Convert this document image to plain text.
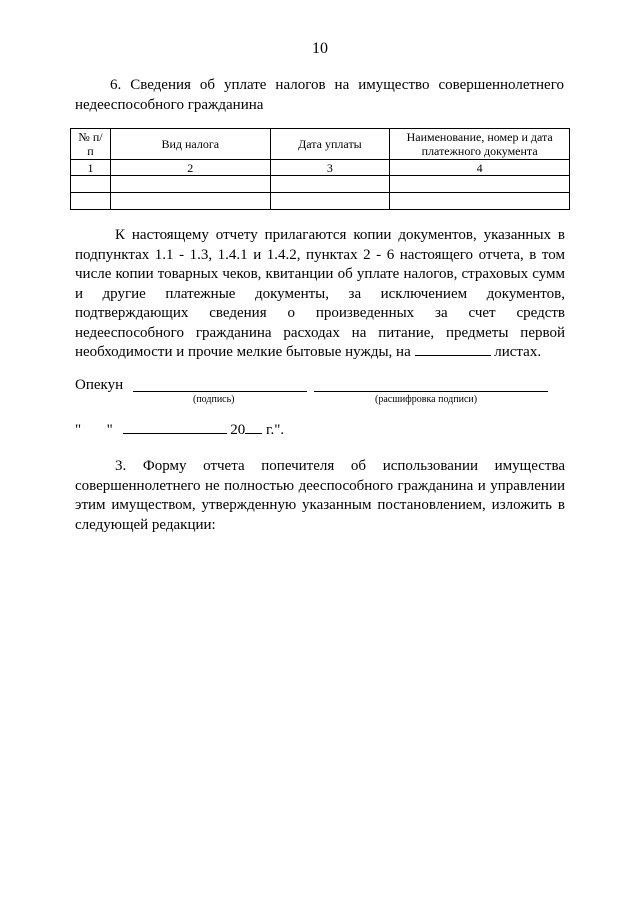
10
6. Сведения об уплате налогов на имущество совершеннолетнего
недееспособного гражданина
№ п/п	Вид налога	Дата уплаты	Наименование, номер и дата платежного документа
1	2	3	4

К настоящему отчету прилагаются копии документов, указанных в подпунктах 1.1 - 1.3, 1.4.1 и 1.4.2, пунктах 2 - 6 настоящего отчета, в том числе копии товарных чеков, квитанции об уплате налогов, страховых сумм и другие платежные документы, за исключением документов, подтверждающих сведения о произведенных за счет средств недееспособного гражданина расходах на питание, предметы первой необходимости и прочие мелкие бытовые нужды, на	листах.

Опекун
(подпись)	(расшифровка подписи)
" "	20 г.".

3. Форму отчета попечителя об использовании имущества совершеннолетнего не полностью дееспособного гражданина и управлении этим имуществом, утвержденную указанным постановлением, изложить в следующей редакции:
